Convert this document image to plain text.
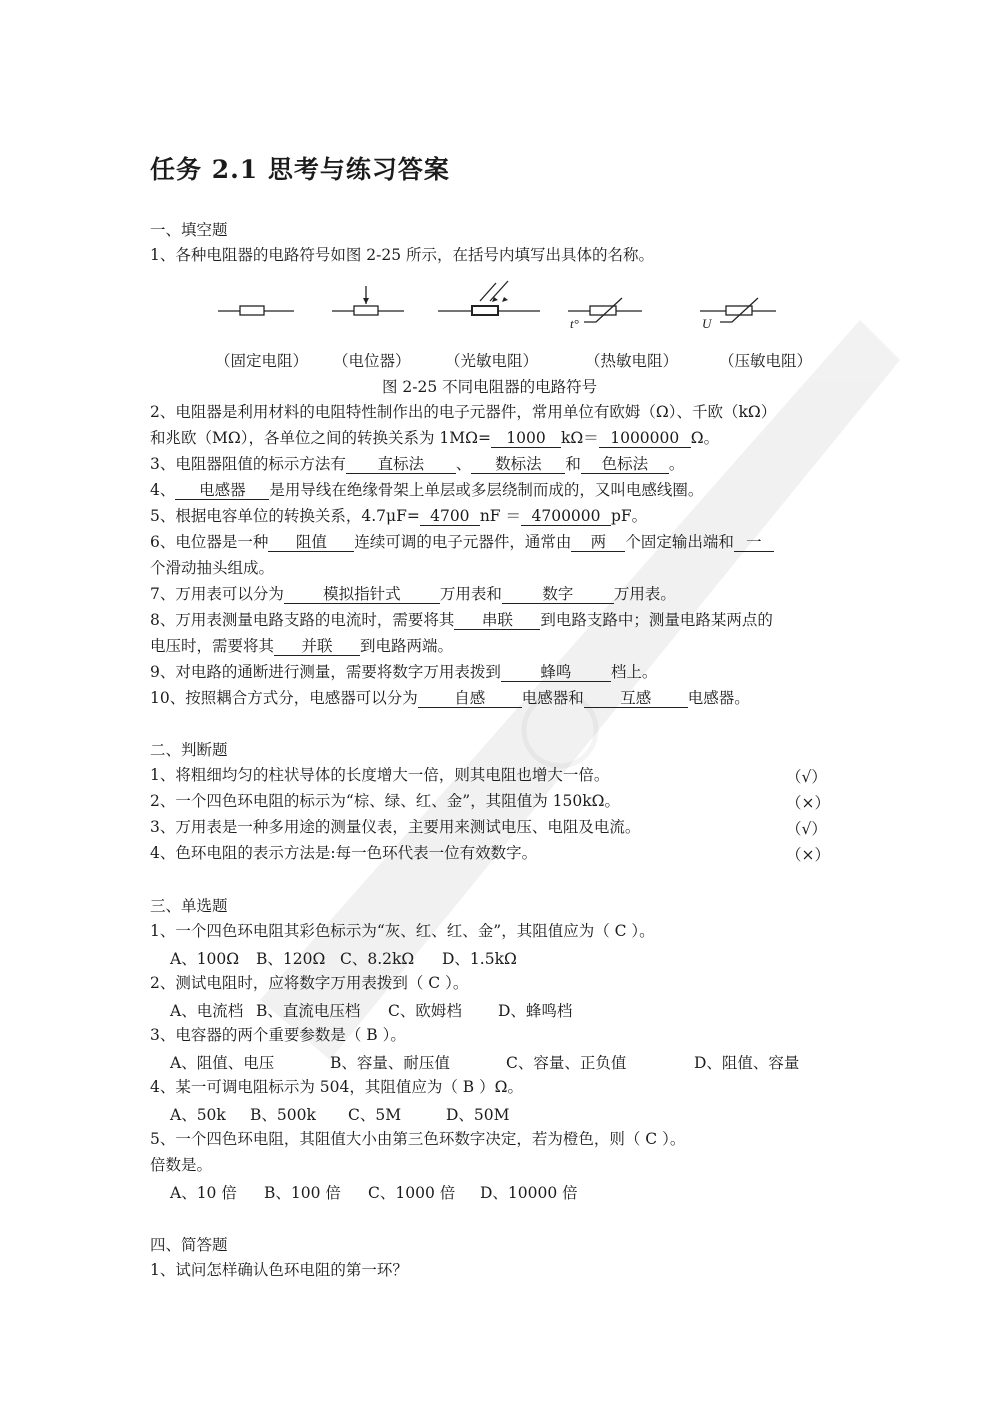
任务 2.1 思考与练习答案
一、填空题
1、各种电阻器的电路符号如图 2-25 所示，在括号内填写出具体的名称。
t°	U
（固定电阻） （电位器） （光敏电阻）	（热敏电阻）	（压敏电阻）
图 2-25 不同电阻器的电路符号
2、电阻器是利用材料的电阻特性制作出的电子元器件，常用单位有欧姆（Ω）、千欧（kΩ）
和兆欧（MΩ），各单位之间的转换关系为 1MΩ= 1000 kΩ＝ 1000000 Ω。
3、电阻器阻值的标示方法有 直标法 、 数标法 和 色标法 。
4、 电感器 是用导线在绝缘骨架上单层或多层绕制而成的，又叫电感线圈。
5、根据电容单位的转换关系，4.7μF= 4700 nF ＝ 4700000 pF。
6、电位器是一种 阻值 连续可调的电子元器件，通常由 两 个固定输出端和 一
个滑动抽头组成。
7、万用表可以分为	模拟指针式	万用表和	数字	万用表。
8、万用表测量电路支路的电流时，需要将其 串联 到电路支路中；测量电路某两点的
电压时，需要将其 并联 到电路两端。
9、对电路的通断进行测量，需要将数字万用表拨到	蜂鸣	档上。
10、按照耦合方式分，电感器可以分为 自感 电感器和 互感 电感器。
二、判断题
1、将粗细均匀的柱状导体的长度增大一倍，则其电阻也增大一倍。	（√）
2、一个四色环电阻的标示为“棕、绿、红、金”，其阻值为 150kΩ。	（×）
3、万用表是一种多用途的测量仪表，主要用来测试电压、电阻及电流。	（√）
4、色环电阻的表示方法是:每一色环代表一位有效数字。	（×）
三、单选题
1、一个四色环电阻其彩色标示为“灰、红、红、金”，其阻值应为（ C ）。
A、100Ω B、120Ω C、8.2kΩ D、1.5kΩ
2、测试电阻时，应将数字万用表拨到（ C ）。
A、电流档 B、直流电压档 C、欧姆档 D、蜂鸣档
3、电容器的两个重要参数是（ B ）。
A、阻值、电压	B、容量、耐压值	C、容量、正负值	D、阻值、容量
4、某一可调电阻标示为 504，其阻值应为（ B ）Ω。
A、50k B、500k C、5M	D、50M
5、一个四色环电阻，其阻值大小由第三色环数字决定，若为橙色，则（ C ）。
倍数是。
A、10 倍 B、100 倍 C、1000 倍 D、10000 倍
四、简答题
1、试问怎样确认色环电阻的第一环？
